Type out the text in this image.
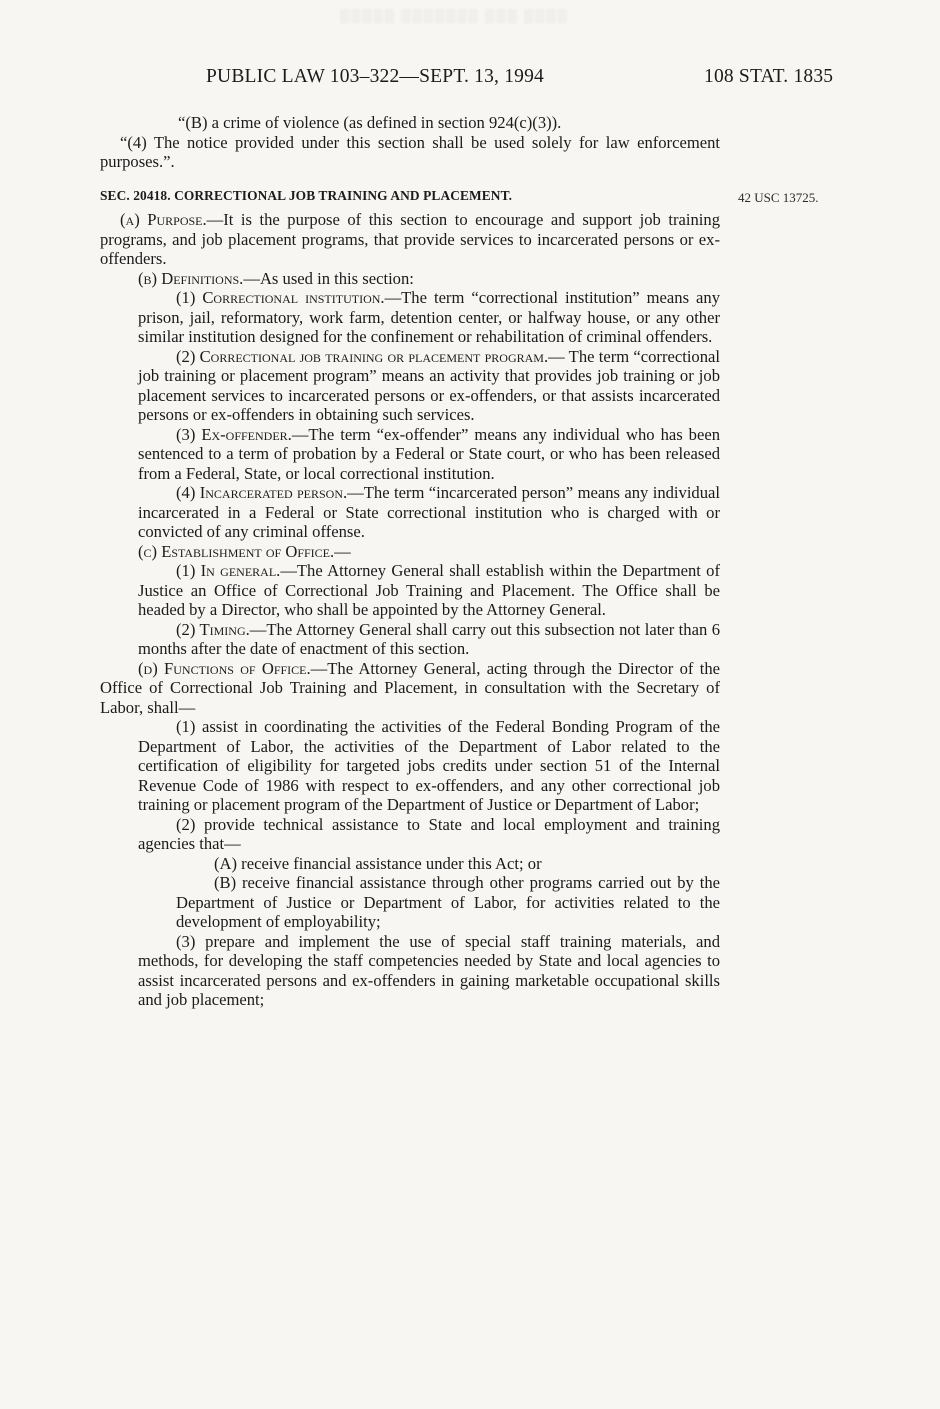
▒▒▒▒▒ ▒▒▒▒▒▒▒ ▒▒▒ ▒▒▒▒
PUBLIC LAW 103–322—SEPT. 13, 1994	108 STAT. 1835
42 USC 13725.

“(B) a crime of violence (as defined in section 924(c)(3)).

“(4) The notice provided under this section shall be used solely for law enforcement purposes.”.

SEC. 20418. CORRECTIONAL JOB TRAINING AND PLACEMENT.

(a) Purpose.—It is the purpose of this section to encourage and support job training programs, and job placement programs, that provide services to incarcerated persons or ex-offenders.

(b) Definitions.—As used in this section:

(1) Correctional institution.—The term “correctional institution” means any prison, jail, reformatory, work farm, detention center, or halfway house, or any other similar institution designed for the confinement or rehabilitation of criminal offenders.

(2) Correctional job training or placement program.— The term “correctional job training or placement program” means an activity that provides job training or job placement services to incarcerated persons or ex-offenders, or that assists incarcerated persons or ex-offenders in obtaining such services.

(3) Ex-offender.—The term “ex-offender” means any individual who has been sentenced to a term of probation by a Federal or State court, or who has been released from a Federal, State, or local correctional institution.

(4) Incarcerated person.—The term “incarcerated person” means any individual incarcerated in a Federal or State correctional institution who is charged with or convicted of any criminal offense.

(c) Establishment of Office.—

(1) In general.—The Attorney General shall establish within the Department of Justice an Office of Correctional Job Training and Placement. The Office shall be headed by a Director, who shall be appointed by the Attorney General.

(2) Timing.—The Attorney General shall carry out this subsection not later than 6 months after the date of enactment of this section.

(d) Functions of Office.—The Attorney General, acting through the Director of the Office of Correctional Job Training and Placement, in consultation with the Secretary of Labor, shall—

(1) assist in coordinating the activities of the Federal Bonding Program of the Department of Labor, the activities of the Department of Labor related to the certification of eligibility for targeted jobs credits under section 51 of the Internal Revenue Code of 1986 with respect to ex-offenders, and any other correctional job training or placement program of the Department of Justice or Department of Labor;

(2) provide technical assistance to State and local employment and training agencies that—

(A) receive financial assistance under this Act; or

(B) receive financial assistance through other programs carried out by the Department of Justice or Department of Labor, for activities related to the development of employability;

(3) prepare and implement the use of special staff training materials, and methods, for developing the staff competencies needed by State and local agencies to assist incarcerated persons and ex-offenders in gaining marketable occupational skills and job placement;
